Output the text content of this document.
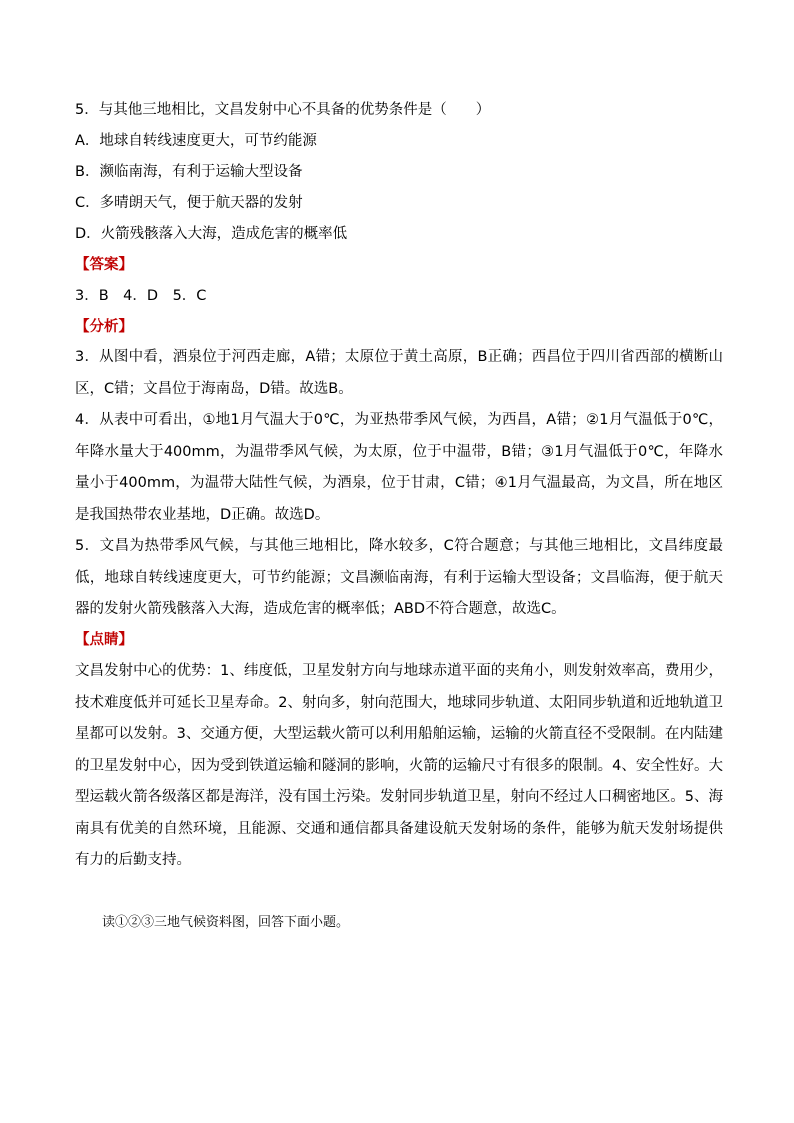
5．与其他三地相比，文昌发射中心不具备的优势条件是（　　）
A．地球自转线速度更大，可节约能源
B．濒临南海，有利于运输大型设备
C．多晴朗天气，便于航天器的发射
D．火箭残骸落入大海，造成危害的概率低
【答案】
3．B　4．D　5．C
【分析】
3．从图中看，酒泉位于河西走廊，A错；太原位于黄土高原，B正确；西昌位于四川省西部的横断山区，C错；文昌位于海南岛，D错。故选B。
4．从表中可看出，①地1月气温大于0℃，为亚热带季风气候，为西昌，A错；②1月气温低于0℃，年降水量大于400mm，为温带季风气候，为太原，位于中温带，B错；③1月气温低于0℃，年降水量小于400mm，为温带大陆性气候，为酒泉，位于甘肃，C错；④1月气温最高，为文昌，所在地区是我国热带农业基地，D正确。故选D。
5．文昌为热带季风气候，与其他三地相比，降水较多，C符合题意；与其他三地相比，文昌纬度最低，地球自转线速度更大，可节约能源；文昌濒临南海，有利于运输大型设备；文昌临海，便于航天器的发射火箭残骸落入大海，造成危害的概率低；ABD不符合题意，故选C。
【点睛】
文昌发射中心的优势：1、纬度低，卫星发射方向与地球赤道平面的夹角小，则发射效率高，费用少，技术难度低并可延长卫星寿命。2、射向多，射向范围大，地球同步轨道、太阳同步轨道和近地轨道卫星都可以发射。3、交通方便，大型运载火箭可以利用船舶运输，运输的火箭直径不受限制。在内陆建的卫星发射中心，因为受到铁道运输和隧洞的影响，火箭的运输尺寸有很多的限制。4、安全性好。大型运载火箭各级落区都是海洋，没有国土污染。发射同步轨道卫星，射向不经过人口稠密地区。5、海南具有优美的自然环境，且能源、交通和通信都具备建设航天发射场的条件，能够为航天发射场提供有力的后勤支持。
读①②③三地气候资料图，回答下面小题。
